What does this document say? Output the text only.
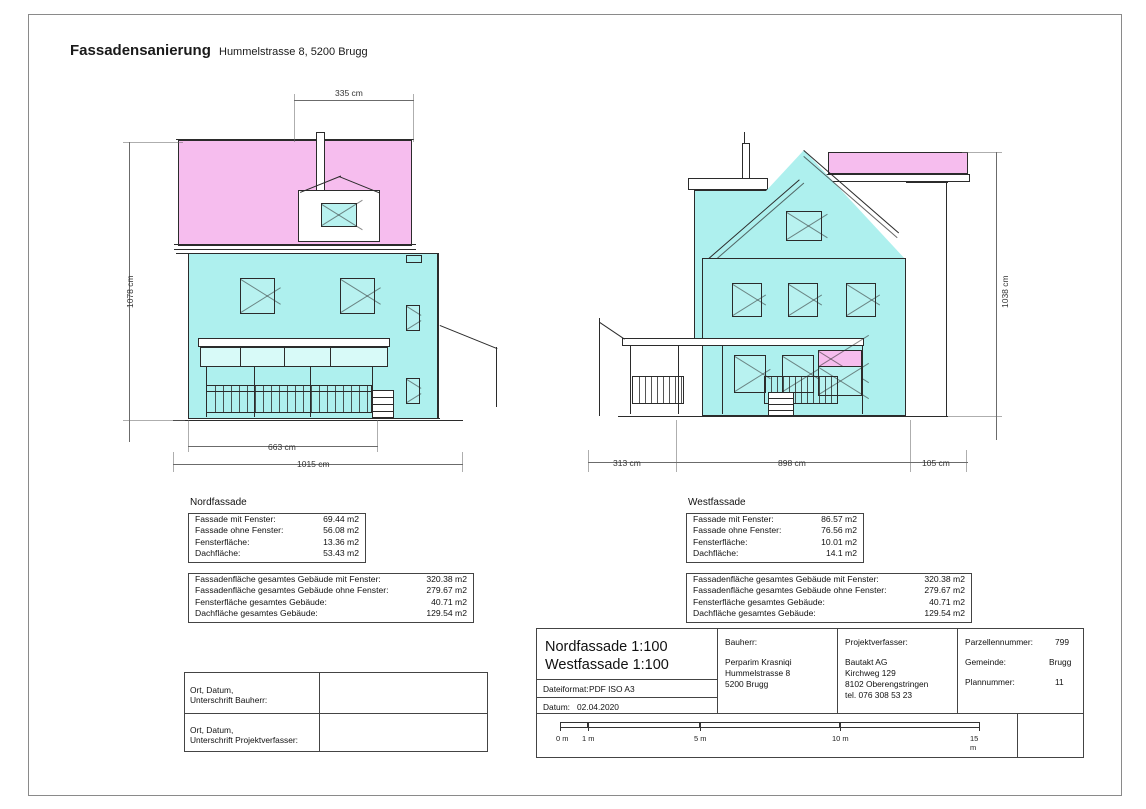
Fassadensanierung Hummelstrasse 8, 5200 Brugg
335 cm
1078 cm
663 cm
1015 cm
1038 cm
313 cm	898 cm	105 cm
Nordfassade
Fassade mit Fenster:	69.44 m2
Fassade ohne Fenster:	56.08 m2
Fensterfläche:	13.36 m2
Dachfläche:	53.43 m2
Fassadenfläche gesamtes Gebäude mit Fenster:	320.38 m2
Fassadenfläche gesamtes Gebäude ohne Fenster:	279.67 m2
Fensterfläche gesamtes Gebäude:	40.71 m2
Dachfläche gesamtes Gebäude:	129.54 m2
Westfassade
Fassade mit Fenster:	86.57 m2
Fassade ohne Fenster:	76.56 m2
Fensterfläche:	10.01 m2
Dachfläche:	14.1 m2
Fassadenfläche gesamtes Gebäude mit Fenster:	320.38 m2
Fassadenfläche gesamtes Gebäude ohne Fenster:	279.67 m2
Fensterfläche gesamtes Gebäude:	40.71 m2
Dachfläche gesamtes Gebäude:	129.54 m2
Ort, Datum,
Unterschrift Bauherr:
Ort, Datum,
Unterschrift Projektverfasser:
Nordfassade 1:100
Westfassade 1:100
Dateiformat: PDF ISO A3
Datum: 02.04.2020
Bauherr:
Perparim Krasniqi
Hummelstrasse 8
5200 Brugg
Projektverfasser:
Bautakt AG
Kirchweg 129
8102 Oberengstringen
tel. 076 308 53 23
Parzellennummer:	799
Gemeinde:	Brugg
Plannummer:	11
0 m 1 m	5 m	10 m	15 m
